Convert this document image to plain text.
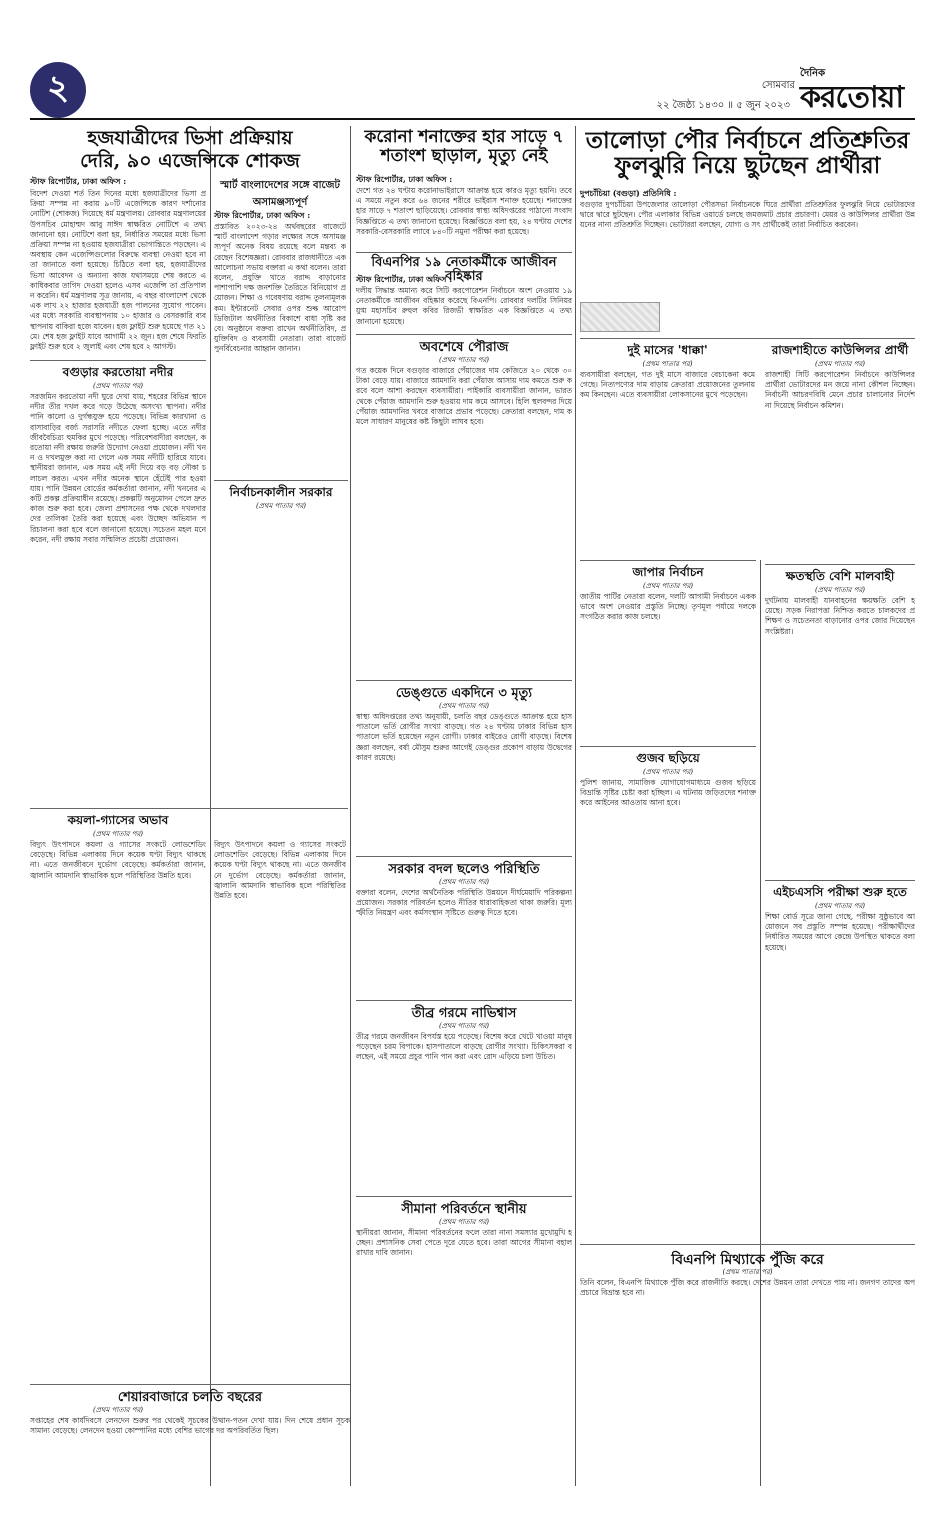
২	সোমবার
২২ জৈষ্ঠ্য ১৪৩০ ॥ ৫ জুন ২০২৩
দৈনিক
করতোয়া
হজযাত্রীদের ভিসা প্রক্রিয়ায়
দেরি, ৯০ এজেন্সিকে শোকজ
স্টাফ রিপোর্টার, ঢাকা অফিস :
বিদেশ দেওয়া শর্ত তিন দিনের মধ্যে হজযাত্রীদের ভিসা প্রক্রিয়া সম্পন্ন না করায় ৯০টি এজেন্সিকে কারণ দর্শানোর নোটিশ (শোকজ) দিয়েছে ধর্ম মন্ত্রণালয়। রোববার মন্ত্রণালয়ের উপসচিব মোহাম্মদ আবু সাঈদ স্বাক্ষরিত নোটিশে এ তথ্য জানানো হয়। নোটিশে বলা হয়, নির্ধারিত সময়ের মধ্যে ভিসা প্রক্রিয়া সম্পন্ন না হওয়ায় হজযাত্রীরা ভোগান্তিতে পড়ছেন। এ অবস্থায় কেন এজেন্সিগুলোর বিরুদ্ধে ব্যবস্থা নেওয়া হবে না তা জানাতে বলা হয়েছে। চিঠিতে বলা হয়, হজযাত্রীদের ভিসা আবেদন ও অন্যান্য কাজ যথাসময়ে শেষ করতে একাধিকবার তাগিদ দেওয়া হলেও এসব এজেন্সি তা প্রতিপালন করেনি। ধর্ম মন্ত্রণালয় সূত্র জানায়, এ বছর বাংলাদেশ থেকে এক লাখ ২২ হাজার হজযাত্রী হজ পালনের সুযোগ পাবেন। এর মধ্যে সরকারি ব্যবস্থাপনায় ১০ হাজার ও বেসরকারি ব্যবস্থাপনায় বাকিরা হজে যাবেন। হজ ফ্লাইট শুরু হয়েছে গত ২১ মে। শেষ হজ ফ্লাইট যাবে আগামী ২২ জুন। হজ শেষে ফিরতি ফ্লাইট শুরু হবে ২ জুলাই এবং শেষ হবে ২ আগস্ট।
বগুড়ার করতোয়া নদীর
(প্রথম পাতার পর)
সরজমিন করতোয়া নদী ঘুরে দেখা যায়, শহরের বিভিন্ন স্থানে নদীর তীর দখল করে গড়ে উঠেছে অসংখ্য স্থাপনা। নদীর পানি কালো ও দুর্গন্ধযুক্ত হয়ে পড়েছে। বিভিন্ন কারখানা ও বাসাবাড়ির বর্জ্য সরাসরি নদীতে ফেলা হচ্ছে। এতে নদীর জীববৈচিত্র্য হুমকির মুখে পড়েছে। পরিবেশবাদীরা বলছেন, করতোয়া নদী রক্ষায় জরুরি উদ্যোগ নেওয়া প্রয়োজন। নদী খনন ও দখলমুক্ত করা না গেলে এক সময় নদীটি হারিয়ে যাবে। স্থানীয়রা জানান, এক সময় এই নদী দিয়ে বড় বড় নৌকা চলাচল করত। এখন নদীর অনেক স্থানে হেঁটেই পার হওয়া যায়। পানি উন্নয়ন বোর্ডের কর্মকর্তারা জানান, নদী খননের একটি প্রকল্প প্রক্রিয়াধীন রয়েছে। প্রকল্পটি অনুমোদন পেলে দ্রুত কাজ শুরু করা হবে। জেলা প্রশাসনের পক্ষ থেকে দখলদারদের তালিকা তৈরি করা হয়েছে এবং উচ্ছেদ অভিযান পরিচালনা করা হবে বলে জানানো হয়েছে। সচেতন মহল মনে করেন, নদী রক্ষায় সবার সম্মিলিত প্রচেষ্টা প্রয়োজন।
কয়লা-গ্যাসের অভাব
(প্রথম পাতার পর)
বিদ্যুৎ উৎপাদনে কয়লা ও গ্যাসের সংকটে লোডশেডিং বেড়েছে। বিভিন্ন এলাকায় দিনে কয়েক ঘণ্টা বিদ্যুৎ থাকছে না। এতে জনজীবনে দুর্ভোগ বেড়েছে। কর্মকর্তারা জানান, জ্বালানি আমদানি স্বাভাবিক হলে পরিস্থিতির উন্নতি হবে।
স্মার্ট বাংলাদেশের সঙ্গে বাজেট অসামঞ্জস্যপূর্ণ
স্টাফ রিপোর্টার, ঢাকা অফিস :
প্রস্তাবিত ২০২৩-২৪ অর্থবছরের বাজেটে স্মার্ট বাংলাদেশ গড়ার লক্ষ্যের সঙ্গে অসামঞ্জস্যপূর্ণ অনেক বিষয় রয়েছে বলে মন্তব্য করেছেন বিশেষজ্ঞরা। রোববার রাজধানীতে এক আলোচনা সভায় বক্তারা এ কথা বলেন। তারা বলেন, প্রযুক্তি খাতে বরাদ্দ বাড়ানোর পাশাপাশি দক্ষ জনশক্তি তৈরিতে বিনিয়োগ প্রয়োজন। শিক্ষা ও গবেষণায় বরাদ্দ তুলনামূলক কম। ইন্টারনেট সেবার ওপর শুল্ক আরোপ ডিজিটাল অর্থনীতির বিকাশে বাধা সৃষ্টি করবে। অনুষ্ঠানে বক্তব্য রাখেন অর্থনীতিবিদ, প্রযুক্তিবিদ ও ব্যবসায়ী নেতারা। তারা বাজেট পুনর্বিবেচনার আহ্বান জানান।
বিদ্যুৎ উৎপাদনে কয়লা ও গ্যাসের সংকটে লোডশেডিং বেড়েছে। বিভিন্ন এলাকায় দিনে কয়েক ঘণ্টা বিদ্যুৎ থাকছে না। এতে জনজীবনে দুর্ভোগ বেড়েছে। কর্মকর্তারা জানান, জ্বালানি আমদানি স্বাভাবিক হলে পরিস্থিতির উন্নতি হবে।
করোনা শনাক্তের হার সাড়ে ৭ শতাংশ ছাড়াল, মৃত্যু নেই
স্টাফ রিপোর্টার, ঢাকা অফিস :
দেশে গত ২৪ ঘণ্টায় করোনাভাইরাসে আক্রান্ত হয়ে কারও মৃত্যু হয়নি। তবে এ সময়ে নতুন করে ৬৪ জনের শরীরে ভাইরাস শনাক্ত হয়েছে। শনাক্তের হার সাড়ে ৭ শতাংশ ছাড়িয়েছে। রোববার স্বাস্থ্য অধিদপ্তরের পাঠানো সংবাদ বিজ্ঞপ্তিতে এ তথ্য জানানো হয়েছে। বিজ্ঞপ্তিতে বলা হয়, ২৪ ঘণ্টায় দেশের সরকারি-বেসরকারি ল্যাবে ৮৪০টি নমুনা পরীক্ষা করা হয়েছে।
বিএনপির ১৯ নেতাকর্মীকে আজীবন বহিষ্কার
স্টাফ রিপোর্টার, ঢাকা অফিস :
দলীয় সিদ্ধান্ত অমান্য করে সিটি করপোরেশন নির্বাচনে অংশ নেওয়ায় ১৯ নেতাকর্মীকে আজীবন বহিষ্কার করেছে বিএনপি। রোববার দলটির সিনিয়র যুগ্ম মহাসচিব রুহুল কবির রিজভী স্বাক্ষরিত এক বিজ্ঞপ্তিতে এ তথ্য জানানো হয়েছে।
অবশেষে পৌরাজ
(প্রথম পাতার পর)
গত কয়েক দিনে বগুড়ার বাজারে পেঁয়াজের দাম কেজিতে ২০ থেকে ৩০ টাকা বেড়ে যায়। বাজারে আমদানি করা পেঁয়াজ আসায় দাম কমতে শুরু করবে বলে আশা করছেন ব্যবসায়ীরা। পাইকারি ব্যবসায়ীরা জানান, ভারত থেকে পেঁয়াজ আমদানি শুরু হওয়ায় দাম কমে আসবে। হিলি স্থলবন্দর দিয়ে পেঁয়াজ আমদানির খবরে বাজারে প্রভাব পড়েছে। ক্রেতারা বলছেন, দাম কমলে সাধারণ মানুষের কষ্ট কিছুটা লাঘব হবে।
নির্বাচনকালীন সরকার
(প্রথম পাতার পর)
ডেঙ্গুতে একদিনে ৩ মৃত্যু
(প্রথম পাতার পর)
স্বাস্থ্য অধিদপ্তরের তথ্য অনুযায়ী, চলতি বছর ডেঙ্গুতে আক্রান্ত হয়ে হাসপাতালে ভর্তি রোগীর সংখ্যা বাড়ছে। গত ২৪ ঘণ্টায় ঢাকার বিভিন্ন হাসপাতালে ভর্তি হয়েছেন নতুন রোগী। ঢাকার বাইরেও রোগী বাড়ছে। বিশেষজ্ঞরা বলছেন, বর্ষা মৌসুম শুরুর আগেই ডেঙ্গুর প্রকোপ বাড়ায় উদ্বেগের কারণ রয়েছে।
সরকার বদল ছলেও পরিস্থিতি
(প্রথম পাতার পর)
বক্তারা বলেন, দেশের অর্থনৈতিক পরিস্থিতি উন্নয়নে দীর্ঘমেয়াদি পরিকল্পনা প্রয়োজন। সরকার পরিবর্তন হলেও নীতির ধারাবাহিকতা থাকা জরুরি। মূল্যস্ফীতি নিয়ন্ত্রণ এবং কর্মসংস্থান সৃষ্টিতে গুরুত্ব দিতে হবে।
তীব্র গরমে নাভিশ্বাস
(প্রথম পাতার পর)
তীব্র গরমে জনজীবন বিপর্যস্ত হয়ে পড়েছে। বিশেষ করে খেটে খাওয়া মানুষ পড়েছেন চরম বিপাকে। হাসপাতালে বাড়ছে রোগীর সংখ্যা। চিকিৎসকরা বলছেন, এই সময়ে প্রচুর পানি পান করা এবং রোদ এড়িয়ে চলা উচিত।
সীমানা পরিবর্তনে স্থানীয়
(প্রথম পাতার পর)
স্থানীয়রা জানান, সীমানা পরিবর্তনের ফলে তারা নানা সমস্যার মুখোমুখি হচ্ছেন। প্রশাসনিক সেবা পেতে দূরে যেতে হবে। তারা আগের সীমানা বহাল রাখার দাবি জানান।
শেয়ারবাজারে চলতি বছরের
(প্রথম পাতার পর)
সপ্তাহের শেষ কার্যদিবসে লেনদেন শুরুর পর থেকেই সূচকের উত্থান-পতন দেখা যায়। দিন শেষে প্রধান সূচক সামান্য বেড়েছে। লেনদেন হওয়া কোম্পানির মধ্যে বেশির ভাগের দর অপরিবর্তিত ছিল।
তালোড়া পৌর নির্বাচনে প্রতিশ্রুতির ফুলঝুরি নিয়ে ছুটছেন প্রার্থীরা
দুপচাঁচিয়া (বগুড়া) প্রতিনিধি :
বগুড়ার দুপচাঁচিয়া উপজেলার তালোড়া পৌরসভা নির্বাচনকে ঘিরে প্রার্থীরা প্রতিশ্রুতির ফুলঝুরি নিয়ে ভোটারদের দ্বারে দ্বারে ছুটছেন। পৌর এলাকার বিভিন্ন ওয়ার্ডে চলছে জমজমাট প্রচার প্রচারণা। মেয়র ও কাউন্সিলর প্রার্থীরা উন্নয়নের নানা প্রতিশ্রুতি দিচ্ছেন। ভোটাররা বলছেন, যোগ্য ও সৎ প্রার্থীকেই তারা নির্বাচিত করবেন।
দুই মাসের 'ধাক্কা'
(প্রথম পাতার পর)
ব্যবসায়ীরা বলছেন, গত দুই মাসে বাজারে বেচাকেনা কমে গেছে। নিত্যপণ্যের দাম বাড়ায় ক্রেতারা প্রয়োজনের তুলনায় কম কিনছেন। এতে ব্যবসায়ীরা লোকসানের মুখে পড়েছেন।
রাজশাহীতে কাউন্সিলর প্রার্থী
(প্রথম পাতার পর)
রাজশাহী সিটি করপোরেশন নির্বাচনে কাউন্সিলর প্রার্থীরা ভোটারদের মন জয়ে নানা কৌশল নিচ্ছেন। নির্বাচনী আচরণবিধি মেনে প্রচার চালানোর নির্দেশনা দিয়েছে নির্বাচন কমিশন।
জাপার নির্বাচন
(প্রথম পাতার পর)
জাতীয় পার্টির নেতারা বলেন, দলটি আগামী নির্বাচনে এককভাবে অংশ নেওয়ার প্রস্তুতি নিচ্ছে। তৃণমূল পর্যায়ে দলকে সংগঠিত করার কাজ চলছে।
গুজব ছড়িয়ে
(প্রথম পাতার পর)
পুলিশ জানায়, সামাজিক যোগাযোগমাধ্যমে গুজব ছড়িয়ে বিভ্রান্তি সৃষ্টির চেষ্টা করা হচ্ছিল। এ ঘটনায় জড়িতদের শনাক্ত করে আইনের আওতায় আনা হবে।
ক্ষতস্থতি বেশি মালবাহী
(প্রথম পাতার পর)
দুর্ঘটনায় মালবাহী যানবাহনের ক্ষয়ক্ষতি বেশি হয়েছে। সড়ক নিরাপত্তা নিশ্চিত করতে চালকদের প্রশিক্ষণ ও সচেতনতা বাড়ানোর ওপর জোর দিয়েছেন সংশ্লিষ্টরা।
এইচএসসি পরীক্ষা শুরু হতে
(প্রথম পাতার পর)
শিক্ষা বোর্ড সূত্রে জানা গেছে, পরীক্ষা সুষ্ঠুভাবে আয়োজনে সব প্রস্তুতি সম্পন্ন হয়েছে। পরীক্ষার্থীদের নির্ধারিত সময়ের আগে কেন্দ্রে উপস্থিত থাকতে বলা হয়েছে।
বিএনপি মিথ্যাকে পুঁজি করে
(প্রথম পাতার পর)
তিনি বলেন, বিএনপি মিথ্যাকে পুঁজি করে রাজনীতি করছে। দেশের উন্নয়ন তারা দেখতে পায় না। জনগণ তাদের অপপ্রচারে বিভ্রান্ত হবে না।
